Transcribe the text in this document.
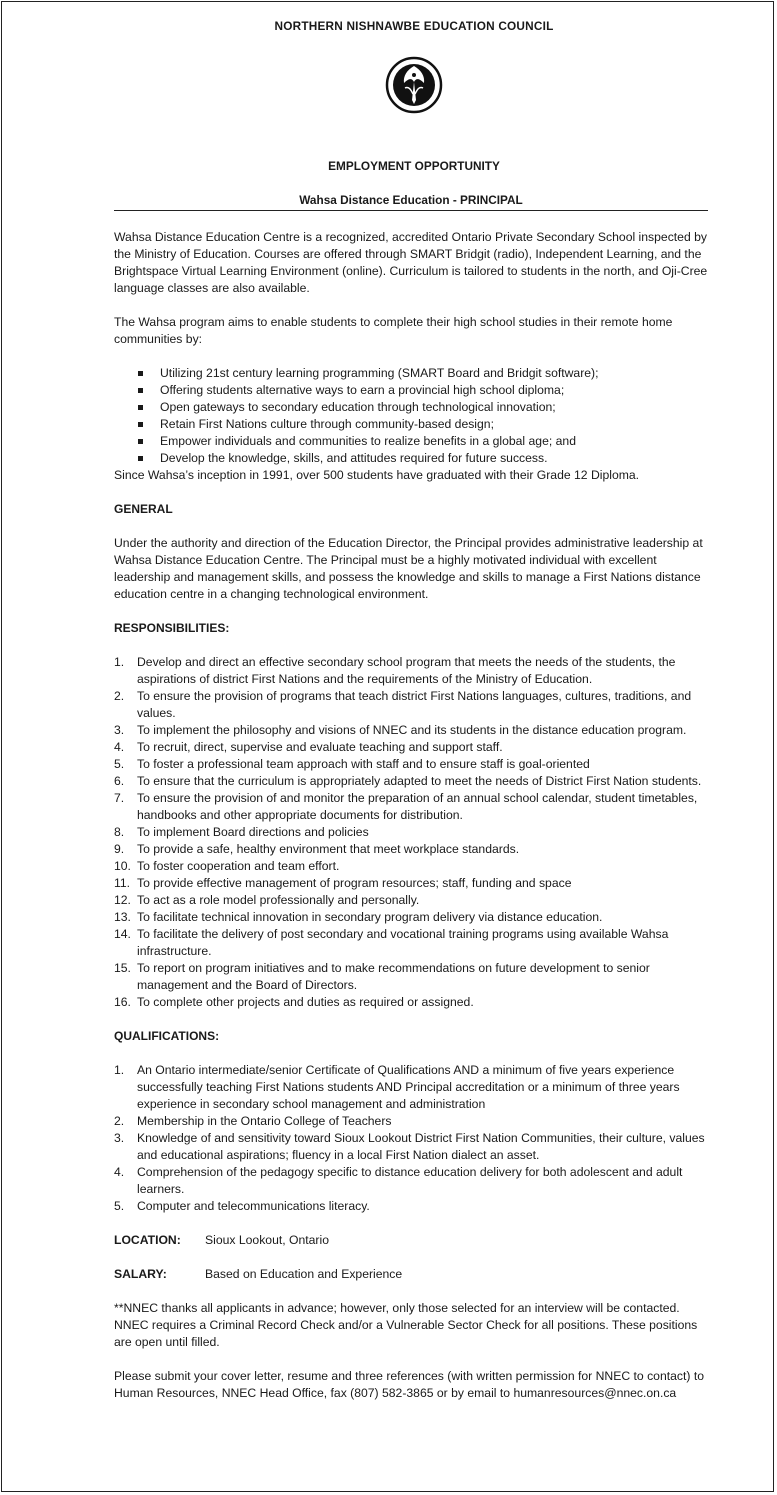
NORTHERN NISHNAWBE EDUCATION COUNCIL
EMPLOYMENT OPPORTUNITY
Wahsa Distance Education - PRINCIPAL

Wahsa Distance Education Centre is a recognized, accredited Ontario Private Secondary School inspected by the Ministry of Education. Courses are offered through SMART Bridgit (radio), Independent Learning, and the Brightspace Virtual Learning Environment (online). Curriculum is tailored to students in the north, and Oji-Cree language classes are also available.

The Wahsa program aims to enable students to complete their high school studies in their remote home communities by:

Utilizing 21st century learning programming (SMART Board and Bridgit software);
Offering students alternative ways to earn a provincial high school diploma;
Open gateways to secondary education through technological innovation;
Retain First Nations culture through community-based design;
Empower individuals and communities to realize benefits in a global age; and
Develop the knowledge, skills, and attitudes required for future success.

Since Wahsa’s inception in 1991, over 500 students have graduated with their Grade 12 Diploma.

GENERAL

Under the authority and direction of the Education Director, the Principal provides administrative leadership at Wahsa Distance Education Centre. The Principal must be a highly motivated individual with excellent leadership and management skills, and possess the knowledge and skills to manage a First Nations distance education centre in a changing technological environment.

RESPONSIBILITIES:
1. Develop and direct an effective secondary school program that meets the needs of the students, the aspirations of district First Nations and the requirements of the Ministry of Education.
2. To ensure the provision of programs that teach district First Nations languages, cultures, traditions, and values.
3. To implement the philosophy and visions of NNEC and its students in the distance education program.
4. To recruit, direct, supervise and evaluate teaching and support staff.
5. To foster a professional team approach with staff and to ensure staff is goal-oriented
6. To ensure that the curriculum is appropriately adapted to meet the needs of District First Nation students.
7. To ensure the provision of and monitor the preparation of an annual school calendar, student timetables, handbooks and other appropriate documents for distribution.
8. To implement Board directions and policies
9. To provide a safe, healthy environment that meet workplace standards.
10. To foster cooperation and team effort.
11. To provide effective management of program resources; staff, funding and space
12. To act as a role model professionally and personally.
13. To facilitate technical innovation in secondary program delivery via distance education.
14. To facilitate the delivery of post secondary and vocational training programs using available Wahsa infrastructure.
15. To report on program initiatives and to make recommendations on future development to senior management and the Board of Directors.
16. To complete other projects and duties as required or assigned.
QUALIFICATIONS:
1. An Ontario intermediate/senior Certificate of Qualifications AND a minimum of five years experience successfully teaching First Nations students AND Principal accreditation or a minimum of three years experience in secondary school management and administration
2. Membership in the Ontario College of Teachers
3. Knowledge of and sensitivity toward Sioux Lookout District First Nation Communities, their culture, values and educational aspirations; fluency in a local First Nation dialect an asset.
4. Comprehension of the pedagogy specific to distance education delivery for both adolescent and adult learners.
5. Computer and telecommunications literacy.
LOCATION:	Sioux Lookout, Ontario
SALARY:	Based on Education and Experience

**NNEC thanks all applicants in advance; however, only those selected for an interview will be contacted. NNEC requires a Criminal Record Check and/or a Vulnerable Sector Check for all positions. These positions are open until filled.

Please submit your cover letter, resume and three references (with written permission for NNEC to contact) to Human Resources, NNEC Head Office, fax (807) 582-3865 or by email to humanresources@nnec.on.ca
